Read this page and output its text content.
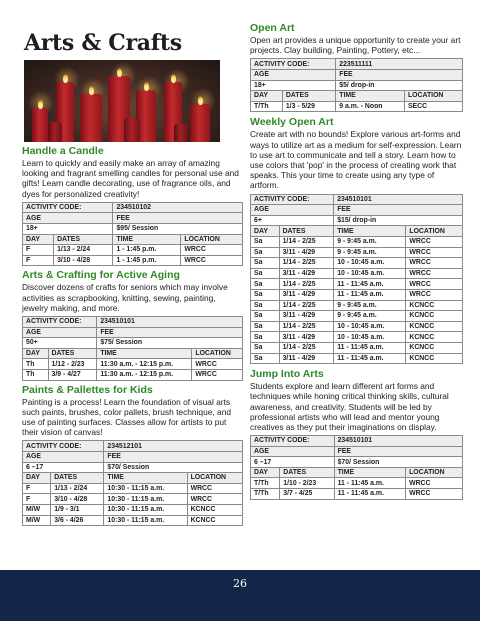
Arts & Crafts
Handle a Candle
Learn to quickly and easily make an array of amazing looking and fragrant smelling candles for personal use and gifts! Learn candle decorating, use of fragrance oils, and dyes for personalized creativity!
ACTIVITY CODE:		234510102	
AGE		FEE	
18+		$95/ Session	
DAY	DATES	TIME	LOCATION
F	1/13 - 2/24	1 - 1:45 p.m.	WRCC
F	3/10 - 4/28	1 - 1:45 p.m.	WRCC
Arts & Crafting for Active Aging
Discover dozens of crafts for seniors which may involve activities as scrapbooking, knitting, sewing, painting, jewelry making, and more.
ACTIVITY CODE:		234510101	
AGE		FEE	
50+		$75/ Session	
DAY	DATES	TIME	LOCATION
Th	1/12 - 2/23	11:30 a.m. - 12:15 p.m.	WRCC
Th	3/9 - 4/27	11:30 a.m. - 12:15 p.m.	WRCC
Paints & Pallettes for Kids
Painting is a process! Learn the foundation of visual arts such paints, brushes, color pallets, brush technique, and use of painting surfaces. Classes allow for artists to put their vision of canvas!
ACTIVITY CODE:		234512101	
AGE		FEE	
6 –17		$70/ Session	
DAY	DATES	TIME	LOCATION
F	1/13 - 2/24	10:30 - 11:15 a.m.	WRCC
F	3/10 - 4/28	10:30 - 11:15 a.m.	WRCC
M/W	1/9 - 3/1	10:30 - 11:15 a.m.	KCNCC
M/W	3/6 - 4/26	10:30 - 11:15 a.m.	KCNCC
Open Art
Open art provides a unique opportunity to create your art projects. Clay building, Painting, Pottery, etc...
ACTIVITY CODE:		223511111	
AGE		FEE	
18+		$5/ drop-in	
DAY	DATES	TIME	LOCATION
T/Th	1/3 - 5/29	9 a.m. - Noon	SECC
Weekly Open Art
Create art with no bounds! Explore various art-forms and ways to utilize art as a medium for self-expression. Learn to use art to communicate and tell a story. Learn how to use colors that 'pop' in the process of creating work that speaks. This your time to create using any type of artform.
ACTIVITY CODE:		234510101	
AGE		FEE	
6+		$15/ drop-in	
DAY	DATES	TIME	LOCATION
Sa	1/14 - 2/25	9 - 9:45 a.m.	WRCC
Sa	3/11 - 4/29	9 - 9:45 a.m.	WRCC
Sa	1/14 - 2/25	10 - 10:45 a.m.	WRCC
Sa	3/11 - 4/29	10 - 10:45 a.m.	WRCC
Sa	1/14 - 2/25	11 - 11:45 a.m.	WRCC
Sa	3/11 - 4/29	11 - 11:45 a.m.	WRCC
Sa	1/14 - 2/25	9 - 9:45 a.m.	KCNCC
Sa	3/11 - 4/29	9 - 9:45 a.m.	KCNCC
Sa	1/14 - 2/25	10 - 10:45 a.m.	KCNCC
Sa	3/11 - 4/29	10 - 10:45 a.m.	KCNCC
Sa	1/14 - 2/25	11 - 11:45 a.m.	KCNCC
Sa	3/11 - 4/29	11 - 11:45 a.m.	KCNCC
Jump Into Arts
Students explore and learn different art forms and techniques while honing critical thinking skills, cultural awareness, and creativity. Students will be led by professional artists who will lead and mentor young creatives as they put their imaginations on display.
ACTIVITY CODE:		234510101	
AGE		FEE	
6 –17		$70/ Session	
DAY	DATES	TIME	LOCATION
T/Th	1/10 - 2/23	11 - 11:45 a.m.	WRCC
T/Th	3/7 - 4/25	11 - 11:45 a.m.	WRCC
26
